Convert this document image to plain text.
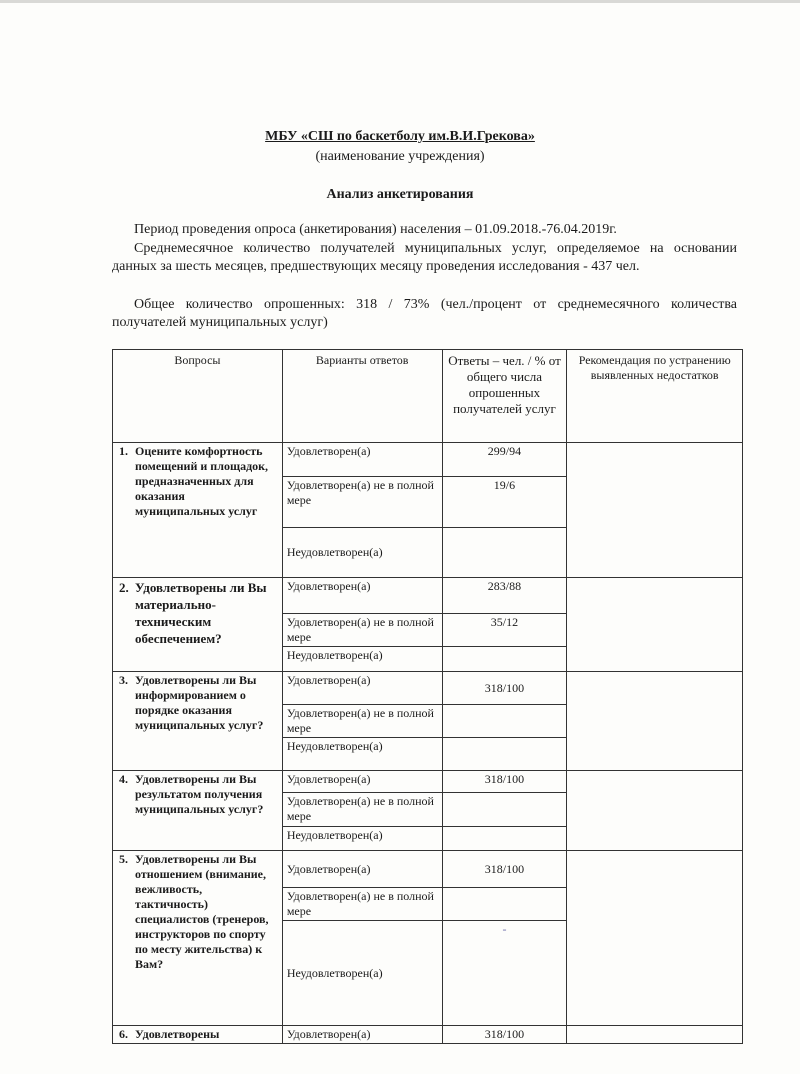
МБУ «СШ по баскетболу им.В.И.Грекова»
(наименование учреждения)
Анализ анкетирования
Период проведения опроса (анкетирования) населения – 01.09.2018.-76.04.2019г.
Среднемесячное количество получателей муниципальных услуг, определяемое на основании данных за шесть месяцев, предшествующих месяцу проведения исследования - 437 чел.
Общее количество опрошенных: 318 / 73% (чел./процент от среднемесячного количества получателей муниципальных услуг)
Вопросы	Варианты ответов	Ответы – чел. / % от общего числа опрошенных получателей услуг	Рекомендация по устранению выявленных недостатков
1. Оцените комфортность помещений и площадок, предназначенных для оказания муниципальных услуг	Удовлетворен(а)	299/94	
	Удовлетворен(а) не в полной мере	19/6	
	Неудовлетворен(а)		
2. Удовлетворены ли Вы материально-техническим обеспечением?	Удовлетворен(а)	283/88	
	Удовлетворен(а) не в полной мере	35/12	
	Неудовлетворен(а)		
3. Удовлетворены ли Вы информированием о порядке оказания муниципальных услуг?	Удовлетворен(а)	318/100	
	Удовлетворен(а) не в полной мере		
	Неудовлетворен(а)		
4. Удовлетворены ли Вы результатом получения муниципальных услуг?	Удовлетворен(а)	318/100	
	Удовлетворен(а) не в полной мере		
	Неудовлетворен(а)		
5. Удовлетворены ли Вы отношением (внимание, вежливость, тактичность) специалистов (тренеров, инструкторов по спорту по месту жительства) к Вам?	Удовлетворен(а)	318/100	
	Удовлетворен(а) не в полной мере		
	Неудовлетворен(а)	-	
6. Удовлетворены	Удовлетворен(а)	318/100	
